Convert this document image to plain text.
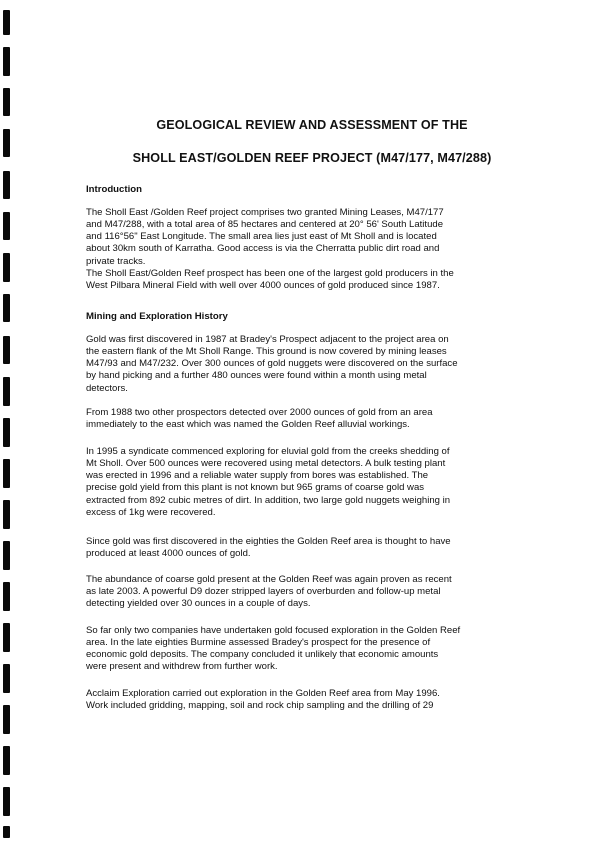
GEOLOGICAL REVIEW AND ASSESSMENT OF THE
SHOLL EAST/GOLDEN REEF PROJECT (M47/177, M47/288)
Introduction

The Sholl East /Golden Reef project comprises two granted Mining Leases, M47/177
and M47/288, with a total area of 85 hectares and centered at 20° 56' South Latitude
and 116°56" East Longitude. The small area lies just east of Mt Sholl and is located
about 30km south of Karratha. Good access is via the Cherratta public dirt road and
private tracks.
The Sholl East/Golden Reef prospect has been one of the largest gold producers in the
West Pilbara Mineral Field with well over 4000 ounces of gold produced since 1987.

Mining and Exploration History

Gold was first discovered in 1987 at Bradey's Prospect adjacent to the project area on
the eastern flank of the Mt Sholl Range. This ground is now covered by mining leases
M47/93 and M47/232. Over 300 ounces of gold nuggets were discovered on the surface
by hand picking and a further 480 ounces were found within a month using metal
detectors.

From 1988 two other prospectors detected over 2000 ounces of gold from an area
immediately to the east which was named the Golden Reef alluvial workings.

In 1995 a syndicate commenced exploring for eluvial gold from the creeks shedding of
Mt Sholl. Over 500 ounces were recovered using metal detectors. A bulk testing plant
was erected in 1996 and a reliable water supply from bores was established. The
precise gold yield from this plant is not known but 965 grams of coarse gold was
extracted from 892 cubic metres of dirt. In addition, two large gold nuggets weighing in
excess of 1kg were recovered.

Since gold was first discovered in the eighties the Golden Reef area is thought to have
produced at least 4000 ounces of gold.

The abundance of coarse gold present at the Golden Reef was again proven as recent
as late 2003. A powerful D9 dozer stripped layers of overburden and follow-up metal
detecting yielded over 30 ounces in a couple of days.

So far only two companies have undertaken gold focused exploration in the Golden Reef
area. In the late eighties Burmine assessed Bradey's prospect for the presence of
economic gold deposits. The company concluded it unlikely that economic amounts
were present and withdrew from further work.

Acclaim Exploration carried out exploration in the Golden Reef area from May 1996.
Work included gridding, mapping, soil and rock chip sampling and the drilling of 29
